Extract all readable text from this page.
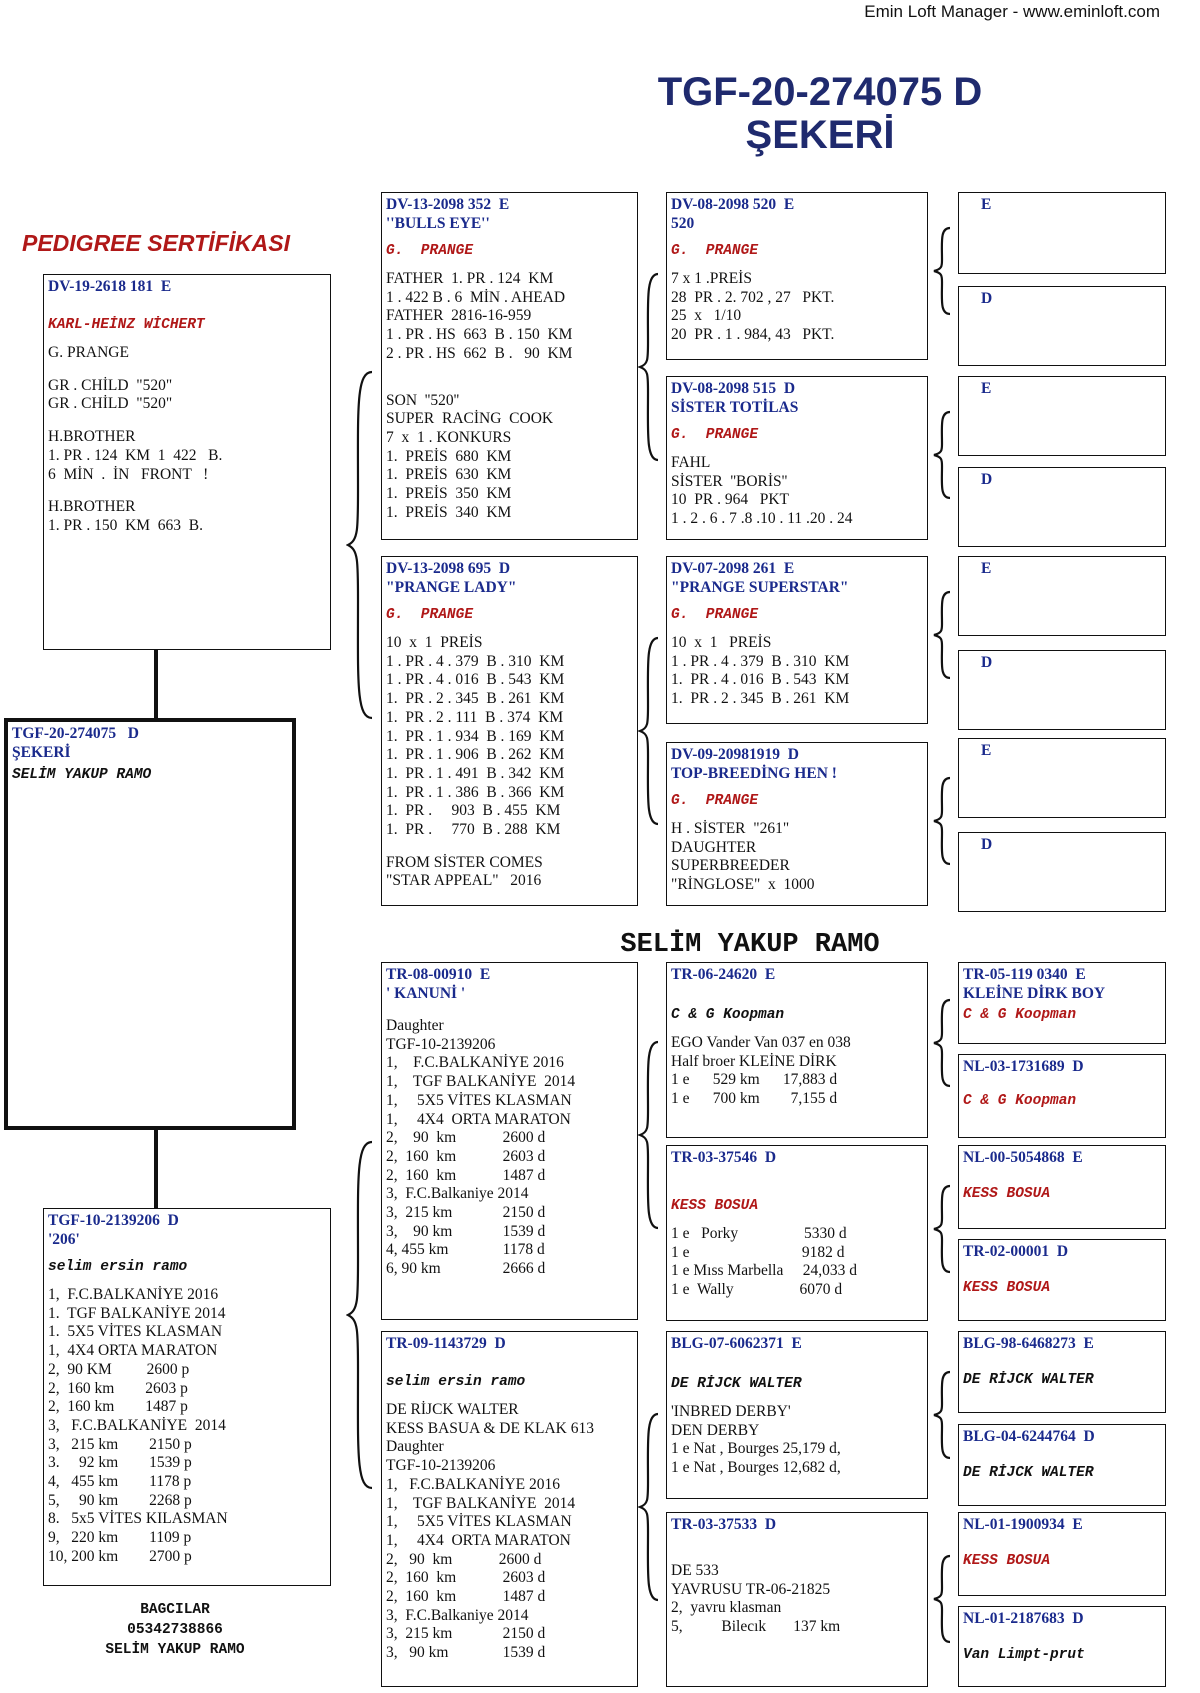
Emin Loft Manager - www.eminloft.com
TGF-20-274075 D
ŞEKERİ
PEDIGREE SERTİFİKASI
SELİM YAKUP RAMO
DV-19-2618 181  E
KARL-HEİNZ WİCHERT
G. PRANGE
GR . CHİLD  "520"
GR . CHİLD  "520"
H.BROTHER
1. PR . 124  KM  1  422   B.
6  MİN  .  İN   FRONT   !
H.BROTHER
1. PR . 150  KM  663  B.
TGF-20-274075   D
ŞEKERİ
SELİM YAKUP RAMO
TGF-10-2139206  D
'206'
selim ersin ramo
1,  F.C.BALKANİYE 2016
1.  TGF BALKANİYE 2014
1.  5X5 VİTES KLASMAN
1,  4X4 ORTA MARATON
2,  90 KM         2600 p
2,  160 km        2603 p
2,  160 km        1487 p
3,   F.C.BALKANİYE  2014
3,   215 km        2150 p
3.     92 km        1539 p
4,   455 km        1178 p
5,     90 km        2268 p
8.   5x5 VİTES KILASMAN
9,   220 km        1109 p
10, 200 km        2700 p
BAGCILAR
05342738866
SELİM YAKUP RAMO
DV-13-2098 352  E
''BULLS EYE''
G.  PRANGE
FATHER  1. PR . 124  KM
1 . 422 B . 6  MİN . AHEAD
FATHER  2816-16-959
1 . PR . HS  663  B . 150  KM
2 . PR . HS  662  B .   90  KM
SON  ''520''
SUPER  RACİNG  COOK
7  x  1 . KONKURS
1.  PREİS  680  KM
1.  PREİS  630  KM
1.  PREİS  350  KM
1.  PREİS  340  KM
DV-13-2098 695  D
"PRANGE LADY"
G.  PRANGE
10  x  1  PREİS
1 . PR . 4 . 379  B . 310  KM
1 . PR . 4 . 016  B . 543  KM
1.  PR . 2 . 345  B . 261  KM
1.  PR . 2 . 111  B . 374  KM
1.  PR . 1 . 934  B . 169  KM
1.  PR . 1 . 906  B . 262  KM
1.  PR . 1 . 491  B . 342  KM
1.  PR . 1 . 386  B . 366  KM
1.  PR .     903  B . 455  KM
1.  PR .     770  B . 288  KM
FROM SİSTER COMES
"STAR APPEAL"   2016
TR-08-00910  E
' KANUNİ '
Daughter
TGF-10-2139206
1,    F.C.BALKANİYE 2016
1,    TGF BALKANİYE  2014
1,     5X5 VİTES KLASMAN
1,     4X4  ORTA MARATON
2,    90  km            2600 d
2,  160  km            2603 d
2,  160  km            1487 d
3,  F.C.Balkaniye 2014
3,  215 km             2150 d
3,    90 km             1539 d
4, 455 km              1178 d
6, 90 km                2666 d
TR-09-1143729  D
selim ersin ramo
DE RİJCK WALTER
KESS BASUA & DE KLAK 613
Daughter
TGF-10-2139206
1,   F.C.BALKANİYE 2016
1,    TGF BALKANİYE  2014
1,     5X5 VİTES KLASMAN
1,     4X4  ORTA MARATON
2,   90  km            2600 d
2,  160  km            2603 d
2,  160  km            1487 d
3,  F.C.Balkaniye 2014
3,  215 km             2150 d
3,   90 km              1539 d
DV-08-2098 520  E
520
G.  PRANGE
7 x 1 .PREİS
28  PR . 2. 702 , 27   PKT.
25  x   1/10
20  PR . 1 . 984, 43   PKT.
DV-08-2098 515  D
SİSTER TOTİLAS
G.  PRANGE
FAHL
SİSTER  ''BORİS''
10  PR . 964   PKT
1 . 2 . 6 . 7 .8 .10 . 11 .20 . 24
DV-07-2098 261  E
"PRANGE SUPERSTAR"
G.  PRANGE
10  x  1   PREİS
1 . PR . 4 . 379  B . 310  KM
1.  PR . 4 . 016  B . 543  KM
1.  PR . 2 . 345  B . 261  KM
DV-09-20981919  D
TOP-BREEDİNG HEN !
G.  PRANGE
H . SİSTER  "261"
DAUGHTER
SUPERBREEDER
"RİNGLOSE"  x  1000
TR-06-24620  E
C & G Koopman
EGO Vander Van 037 en 038
Half broer KLEİNE DİRK
1 e      529 km      17,883 d
1 e      700 km        7,155 d
TR-03-37546  D
KESS BOSUA
1 e   Porky                 5330 d
1 e                             9182 d
1 e Mıss Marbella     24,033 d
1 e  Wally                 6070 d
BLG-07-6062371  E
DE RİJCK WALTER
'INBRED DERBY'
DEN DERBY
1 e Nat , Bourges 25,179 d,
1 e Nat , Bourges 12,682 d,
TR-03-37533  D
DE 533
YAVRUSU TR-06-21825
2,  yavru klasman
5,          Bilecık       137 km
E
D
E
D
E
D
E
D
TR-05-119 0340  E
KLEİNE DİRK BOY
C & G Koopman
NL-03-1731689  D
C & G Koopman
NL-00-5054868  E
KESS BOSUA
TR-02-00001  D
KESS BOSUA
BLG-98-6468273  E
DE RİJCK WALTER
BLG-04-6244764  D
DE RİJCK WALTER
NL-01-1900934  E
KESS BOSUA
NL-01-2187683  D
Van Limpt-prut
